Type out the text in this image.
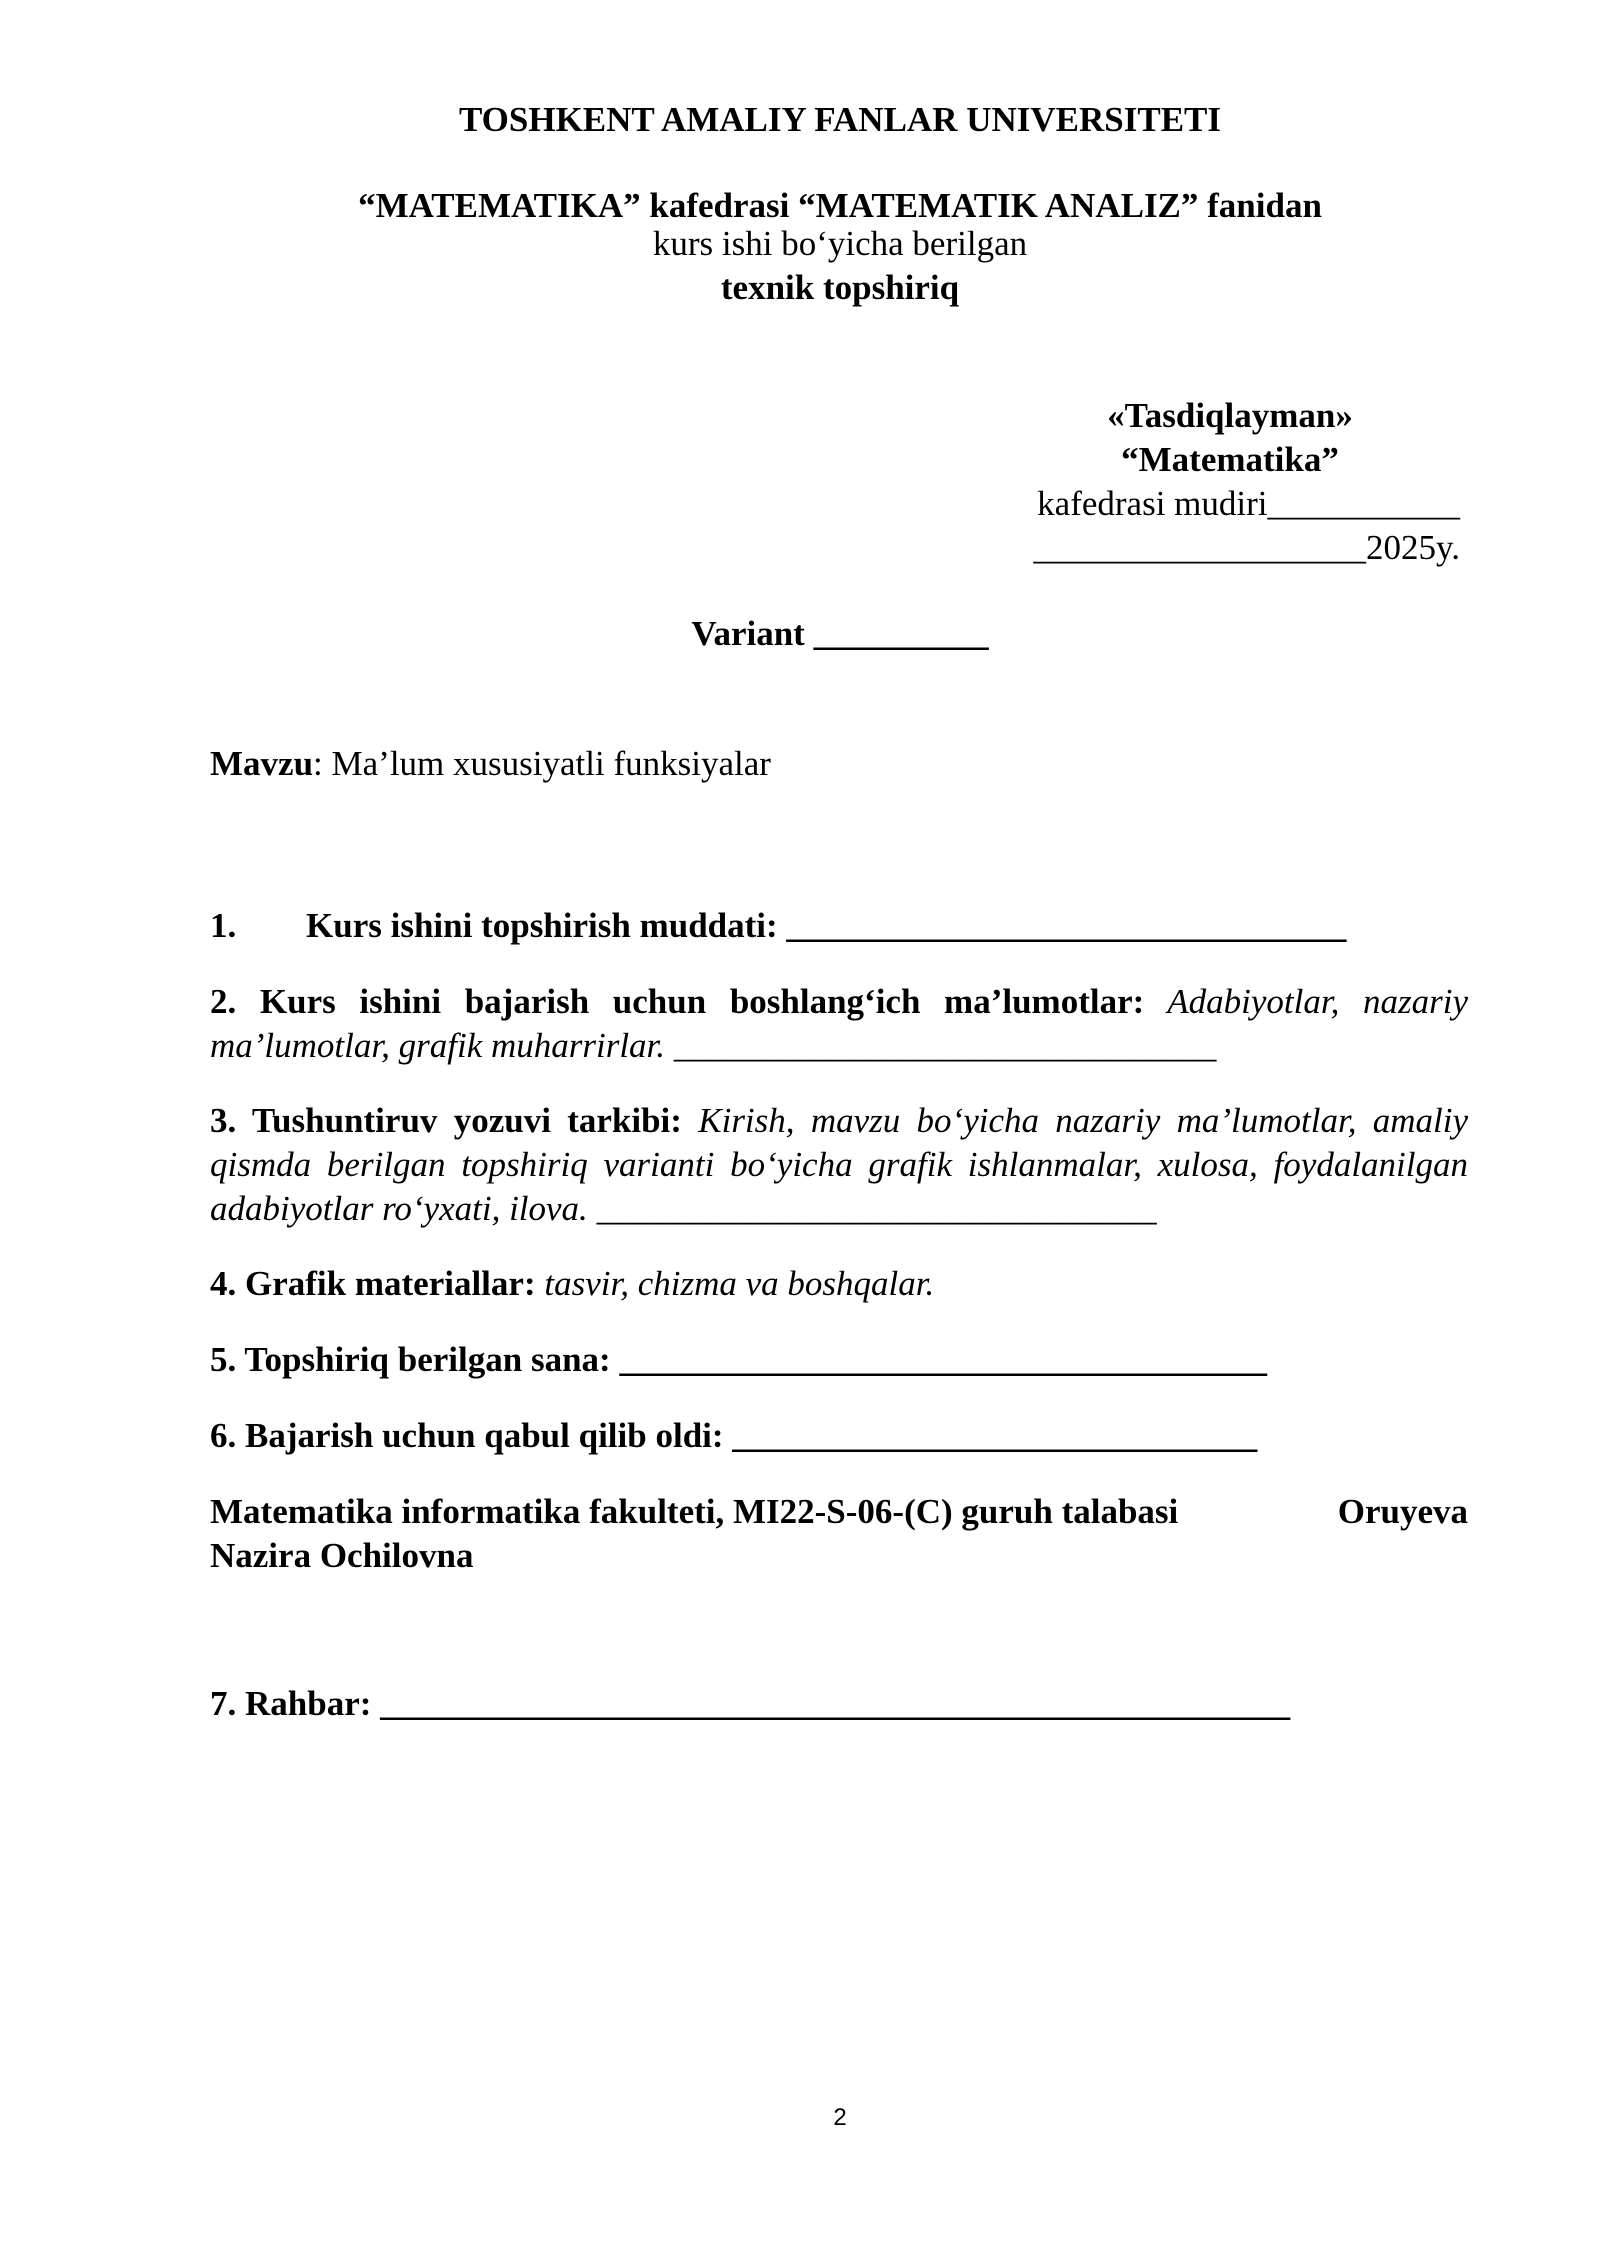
TOSHKENT AMALIY FANLAR UNIVERSITETI
“MATEMATIKA” kafedrasi “MATEMATIK ANALIZ” fanidan
kurs ishi bo‘yicha berilgan
texnik topshiriq
«Tasdiqlayman»
“Matematika”
kafedrasi mudiri___________
___________________2025y.
Variant __________
Mavzu: Ma’lum xususiyatli funksiyalar
1. Kurs ishini topshirish muddati: ________________________________
2. Kurs ishini bajarish uchun boshlang‘ich ma’lumotlar: Adabiyotlar, nazariy ma’lumotlar, grafik muharrirlar. _______________________________
3. Tushuntiruv yozuvi tarkibi: Kirish, mavzu bo‘yicha nazariy ma’lumotlar, amaliy qismda berilgan topshiriq varianti bo‘yicha grafik ishlanmalar, xulosa, foydalanilgan adabiyotlar ro‘yxati, ilova. ________________________________
4. Grafik materiallar: tasvir, chizma va boshqalar.
5. Topshiriq berilgan sana: _____________________________________
6. Bajarish uchun qabul qilib oldi: ______________________________
Matematika informatika fakulteti, MI22-S-06-(C) guruh talabasi	Oruyeva
Nazira Ochilovna
7. Rahbar: ____________________________________________________
2
